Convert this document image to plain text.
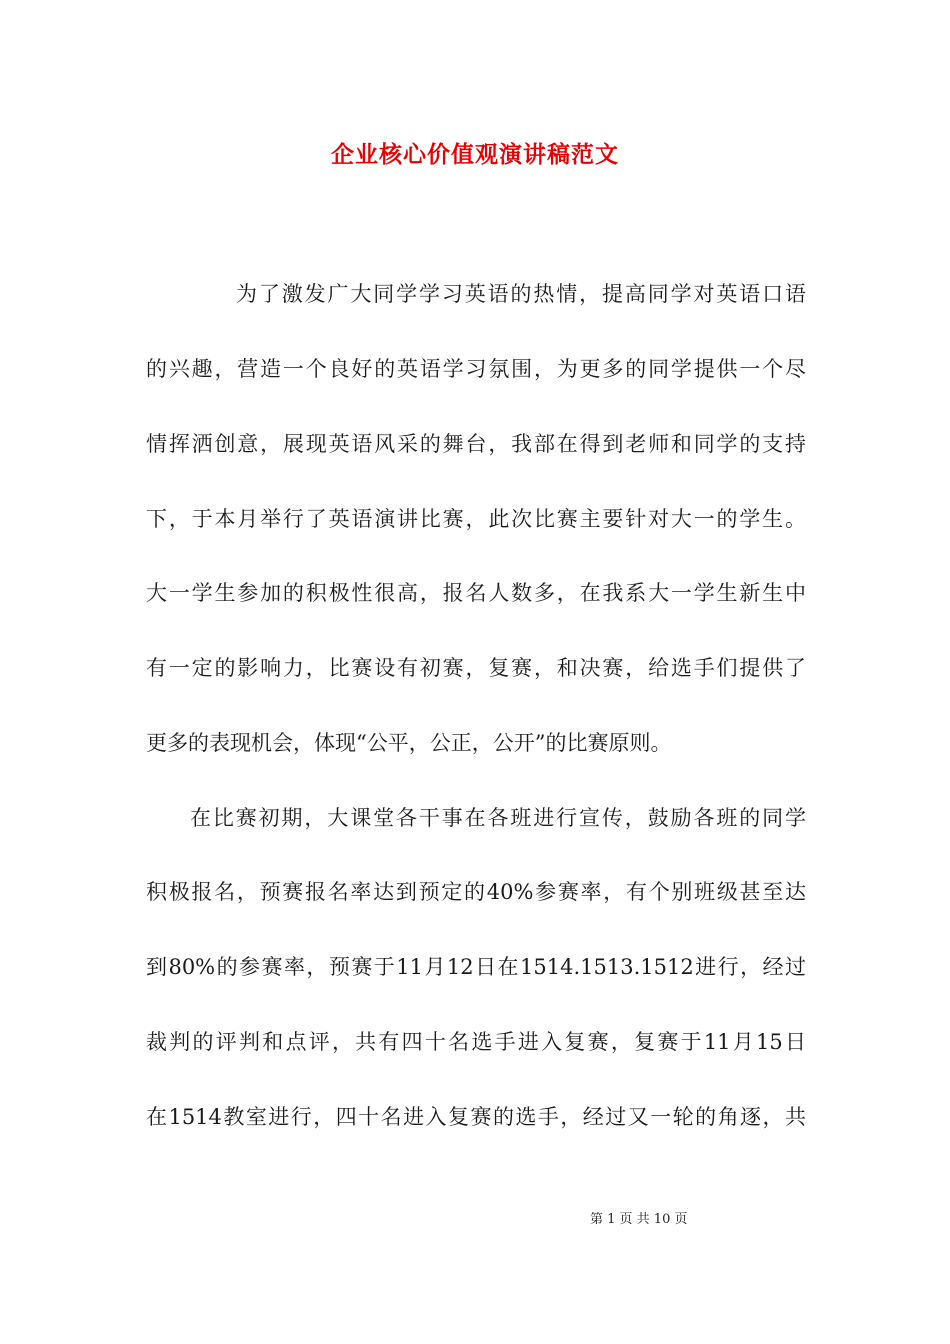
企业核心价值观演讲稿范文
为了激发广大同学学习英语的热情，提高同学对英语口语
的兴趣，营造一个良好的英语学习氛围，为更多的同学提供一个尽
情挥洒创意，展现英语风采的舞台，我部在得到老师和同学的支持
下，于本月举行了英语演讲比赛，此次比赛主要针对大一的学生。
大一学生参加的积极性很高，报名人数多，在我系大一学生新生中
有一定的影响力，比赛设有初赛，复赛，和决赛，给选手们提供了
更多的表现机会，体现“公平，公正，公开”的比赛原则。
在比赛初期，大课堂各干事在各班进行宣传，鼓励各班的同学
积极报名，预赛报名率达到预定的40%参赛率，有个别班级甚至达
到80%的参赛率，预赛于11月12日在1514.1513.1512进行，经过
裁判的评判和点评，共有四十名选手进入复赛，复赛于11月15日
在1514教室进行，四十名进入复赛的选手，经过又一轮的角逐，共
第 1 页 共 10 页
